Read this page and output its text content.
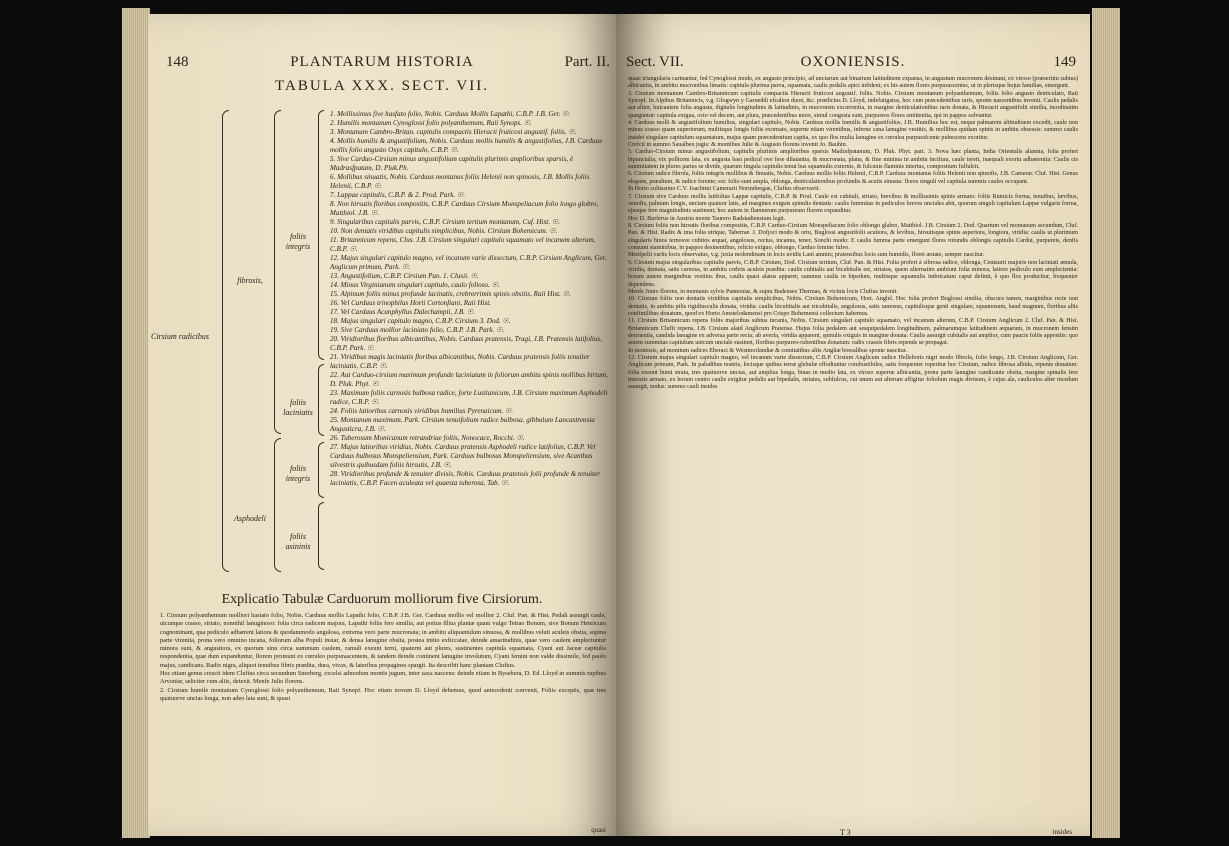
148	PLANTARUM HISTORIA	Part. II.
TABULA XXX. SECT. VII.
Cirsium radicibus
fibrosis,
Asphodeli
foliis integris
foliis laciniatis
foliis integris
foliis asininis

1. Mollissimus five hasfato folio, Nobis. Carduus Mollis Lapathi, C.B.P. J.B. Ger. ☉.

2. Humilis montanum Cynoglossi folio polyanthemum, Raii Synops. ☉.

3. Montanum Cambro-Britan. capitulis compactis Hieracii fruticosi angustif. foliis. ☉.

4. Mollis humilis & angustifolium, Nobis. Carduus mollis humilis & angustifolius, J.B. Carduus mollis folio angusto Oxys capitulo, C.B.P. ☉.

5. Sive Carduo-Cirsium minus angustifolium capitulis plurimis amplioribus sparsis, è Madrasfpatam, D. Pluk.Ph.

6. Mollibus sinuatis, Nobis. Carduus montanus foliis Helenii non spinosis, J.B. Mollis foliis Helenii, C.B.P. ☉.

7. Lappae capitulis, C.B.P. & 2. Prod. Park. ☉.

8. Non hirsutis floribus compositis, C.B.P. Carduus Cirsium Monspeliacum folio longo globro, Matthiol. J.B. ☉.

9. Singularibus capitulis parvis, C.B.P. Cirsium tertium montanum, Cuf. Hist. ☉.

10. Non dentatis viridibus capitulis simplicibus, Nobis. Cirsium Bohemicum. ☉.

11. Britannicum repens, Clus. J.B. Cirsium singulari capitulo squamato vel incanum alterum, C.B.P. ☉.

12. Majus singulari capitulo magno, vel incanum varie dissectum, C.B.P. Cirsium Anglicum, Ger. Anglicum primum, Park. ☉.

13. Angustifolium, C.B.P. Cirsium Pan. 1. Clusii. ☉.

14. Minus Virginianum singulari capitulo, caulo folioso. ☉.

15. Alpinum foliis minus profunde lacinatis, crebrerrimis spinis obsitis, Raii Hist. ☉.

16. Vel Carduus trinophilus Horti Cortonfiani, Raii Hist.

17. Vel Carduus Acanphyllus Dalechampii, J.B. ☉.

18. Majus singulari capitulo magno, C.B.P. Cirsium 3. Dod. ☉.

19. Sive Carduus mollior laciniato folio, C.B.P. J.B. Park. ☉.

20. Viridioribus floribus albicantibus, Nobis. Carduus pratensis, Tragi, J.B. Pratensis latifolius, C.B.P. Park. ☉.

21. Viridibus magis laciniatis floribus albicantibus, Nobis. Carduus pratensis foliis tenuiter laciniatis, C.B.P. ☉.

22. Aut Carduo-cirsium maximum profunde laciniatum in foliorum ambitu spinis mollibus hirtum, D. Pluk. Phyt. ☉.

23. Maximum foliis carnosis bulbosa radice, forte Lusitanicum, J.B. Cirsium maximum Asphodeli radice, C.B.P. ☉.

24. Foliis latioribus carnosis viridibus humilius Pyrenaicum. ☉.

25. Montanum maximum, Park. Cirsium tenuifolium radice bulbosa, gibbulum Lancastrensia Angusticra, J.B. ☉.

26. Tuberosum Monicanum retrandriae foliis, Nonocace, Rocchi. ☉.

27. Majus latioribus viridius, Nobis. Carduus pratensis Asphodeli radice latifolius, C.B.P. Vel Carduus bulbosus Monspeliensium, Park. Carduus bulbosus Monspeliensium, sive Acanthus silvestris quibusdam foliis hirsutis, J.B. ☉.

28. Viridioribus profunde & tenuiter divisis, Nobis. Carduus pratensis folii profunde & tenuiter laciniatis, C.B.P. Facen aculeata vel quaesta tuberosa, Tab. ☉.

Explicatio Tabulæ Carduorum molliorum five Cirsiorum.

1. Cirsium polyanthemum molliori hastato folio, Nobis. Carduus mollis Lapathi folio, C.B.P. J.B. Ger. Carduus mollis vel mollior 2. Cluf. Pan. & Hist. Pedali assurgit caule, utcunque crasso, striato, nonnihil lanuginoso: folia circa radicem majora, Lapathi foliis fere similia, aut potius illius plantæ quam vulgo Tetrao Bonum, sive Bonum Henricum cognominant, qua pediculo adhærent latiora & quodammodo angulosa, extrema vero parte mucronata; in ambitu aliquantulum sinuosa, & mollibus veluti aculeis obsita, supina parte virentia, prona vero omnino incana, foliorum alba Populi instar, & densa lanugine obsita, postea initio exficcatae, deinde amaritudinis, quae vero caulem amplectuntur minora sunt, & angustiora, ex quorum sinu circa summum caulem, ramuli exeunt terni, quaterni aut plures, sustinentes capitula squamata, Cyani aut Jaceæ capitulis respondentia, quæ dum expanduntur, florem promunt ex cœruleo purpurascentem, & tandem deinde continent lanugine involutum, Cyani femini non valde dissimile, fed paulo majus, candicans. Radix nigra, aliquot tenuibus fibris prædita, dura, vivax, & lateribus propagines spargit. Ita describit hanc plantam Clufius.

Hoc etiam genus crescit idem Clufius circa secundum Sneeberg, excelsi admodum montis jugum, inter saxa nascens: deinde etiam in Bysebera, D. Ed. Lloyd in summis rupibus Arvoniæ, seliciter cum aliis, detexit. Menfe Julio florens.

2. Cirsium humile montanum Cynoglossi folio polyanthemum, Raii Synopf. Hoc etiam novum D. Lloyd debemus, quod antecedenti convenit, Foliis exceptis, quæ tres quatuorve uncias longa, non adeo lata sunt, & quasi

quasi
Sect. VII.	OXONIENSIS.	149

quasi triangularia carinantur, fed Cynoglossi modo, ex angusto principio, ad unciarum aut binarium latitudinem expansa, in angustum mucronem desinunt, ex viroso (præsertim subtus) albicantia, in ambitu mucronibus limatis: capitula plurima parva, squamata, caulis pedalis apici infident; ex his autem flores purpurascentes, ut in plerisque hujus familiae, emergunt.

3. Cirsium montanum Cambro-Britannicum capitulis compactis Hieracii fruticosi angustif. foliis. Nobis. Cirsium montanum polyanthemum, foliis folio angusto denticulato, Raii Synopf. In Alpibus Britannicis, v.g. Glogwyn y Garneddi efcalion duon, &c. prædictus D. Lloyd, indefatigatus, hoc cum præcedentibus raris, sponte nascentibus invenit. Caulis pedalis aut altior, huicautem folia angusta, digitalis longitudinis & latitudinis, in mucronem excurrentia, in margine denticulationibus raris donata, & Hieracii angustifolii similia, inordinatim sparguntur: capitula exigua, octo vel decem, aut plura, præcedentibus more, simul congesta sunt, purpureos flores emittentia, qui in pappos solvuntur.

4. Carduus molli & angustifolium humilius, singulari capitulo, Nobis. Carduus mollis humilis & angustifolius, J.B. Humilius hoc est, neque palmarem altitudinem excedit, caule non minus crasso quam superiorum, multisque longis foliis exornato, superne etiam virentibus, inferne cana lanugine vestitis, & mollibus quidam spinis in ambitu obsessis: summo caulis insidet singulare capitulum squamatum, majus quam præcedentium capita, ex quo flos multa lanugine ex cœrulea purpurafcente pubescens exoritur.

Crefcit in summo Saualbeu jugis: & montibus Julie & Augusto florens invenit Jo. Bauhin.

5. Carduo-Cirsium minus angustifolium, capitulis plurimis amplioribus sparsis Madrafpatanum, D. Pluk. Phyt. part. 3. Nova hæc planta, India Orientalis alumna, folia profert bipunctalia, vix pollicem lata, ex angusta basi pedicul ove fese dilatantia, & mucronata, plana, & fine minima in ambitu incifura, caule tereti, inæquali exortu adhærentia: Caulis cis summitatem in plures partes se divide, quarum fingula capitulis tenui bus squamulis externis, & fulcunis flaminis interius, compositum fulfulcit.

6. Cirsium radice fibrofa, foliis integris mollibus & finuatis, Nobis. Carduus mollis foliis Helenii, C.B.P. Carduus montanus foliis Helenii non spinofis, J.B. Camerar. Cluf. Hist. Genus elegans, præaltum, & radice ferente; est: folio sunt ampla, oblonga, denticulationibus profundis & acutis sinuata: flores singuli vel capitula summis caules occupant.

In Horto cultissimo C.V. Joachimi Camerarii Norimbergae, Clufius observavit.

7. Cirsium sive Carduus mollis latifolius Lappæ capitulis, C.B.P. & Prod. Caule est cubitali, striato, brevibus & mollissimis spinis armato: foliis Rumicis forma, tenuibus, lævibus, venofis, palmum longis, unciam quatuor latis, ad margines exiguis spinulis dentatis: caulis fummitas in pediculos breves unciales abit, quorum singuli capitulum Lappæ vulgaris forma, ejusque fere magnitudinis sustinent; hoc autem in flammeum purpureum florem expanditur.

Hoc D. Burferus in Austria monte Taurero Radstadiensium legit.

8. Cirsium foliis non hirsutis floribus compositis, C.B.P. Carduo-Cirsium Monspeliacum folio oblongo glabro, Matthiol. J.B. Cirsium 2. Dod. Quartum vel montanum secundum, Cluf. Pan. & Hist. Radix & ima folia utrique, Tabernæ. J. Dofjoci modo & ortu, Buglossi angustifolii acutiora, & levibus, hirsutisque spinis asperiora, longiora, viridia: caulis ut plurimum singularis binos ternosve cubitos æquat, angulosus, rectus, incanus, tener, Sonchi modo: E caulis fumma parte emergunt flores rotundis oblongis capitulis Cardui, purpureis, denfis constant staminibus, in pappos desinentibus, relicto exiguo, oblongo, Carduo femine fulvo.

Menfpelii variis locis observatus, v.g. juxta molendinum in locis uvidis Lani ammis; pratensibus locis sum humidis, floret æstate, semper nascitur.

9. Cirsium majus singularibus capitulis parvis, C.B.P. Cirsium, Dod. Cirsium tertium, Cluf. Pan. & Hist. Folia profert à sibrosa radice, oblonga, Centaurii majoris non laciniati æmula, viridia, dentata, satis carnosa, in ambitu crebris aculeis prædita: caulis cubitalis aut bicubitalis est, striatus, quem alternatim ambiunt folia minora, latiore pediculo eum amplectentia: horum autem marginibus vestitus ibus, caulis quasi alatus apparet; summus caulis in bipedum, multisque squamulis imbricatum caput definit, è quo flos producitur, frequenter dependens.

Menfe Junio florens, in montanis sylvis Pannoniæ, & supra Badenses Thermas, & vicinis locis Clufius invenit.

10. Cirsium foliis non dentatis viridibus capitulis simplicibus, Nobis. Cirsium Bohemicum, Hort. Anglel. Hoc folia profert Buglossi similia, obscura tamen, marginibus recte non dentatis, in ambitu pilis rigidiusculis donata, viridia: caulis bicubitalis aut tricubitalis, angulosus, satis ramosus, capitulisque genti singulare, squamosum, haud magnum, floribus aliis confimilibus donatum, quod ex Horto Amstelodamensi pro Crispo Bohemensi collectum habemus.

11. Cirsium Britannicum repens foliis majoribus subtus incanis, Nobis. Cirsium singulari capitulo squamato, vel incanum alterum, C.B.P. Cirsium Anglicum 2. Cluf. Pan. & Hist. Britannicum Clufii repens, J.B. Cirsium alatd Anglicum Pratense. Hujus folia pedalem aut sesquipedalem longitudinem, palmarumque latitudinem æquarum, in mucronem fensim desinentia, candida lanugine ex adversa parte recta; ab averfa, viridia apparent, spinulis exiguis in margine donata: Caulis assurgit cubitalis aut amplior, cum paucis foliis appositis: quo autem summitas capitulum unicum unciale sustinet, floribus purpureo-rubentibus donatum: radix crassis fibris repends se propagat.

In montosis, ad montium radices Eberaci & Westmorlandiæ & comitatibus aliis Angliæ borealibus sponte nascitur.

12. Cirsium majus singulari capitulo magno, vel incanum varie dissectum, C.B.P. Cirsium Anglicum radice Helleboris nigri modo fibrofa, folio longo, J.B. Cirsium Anglicum, Ger. Anglicum primum, Park. In paludibus nostris, locisque quibus terræ glebulæ effodiuntur combustibiles, satis frequenter reperitur hoc Cirsium, radice fibrosa albida, repente donatum: folia exeunt humi strata, tres quatuorve uncias, aut amplius longa, binas in medio lata, ex viroso superne albicantia, prona parte lanugine candicante obsita, margine spinulis fere innoxiis armato, ex horum centro caulis exigitur pedalis aut bipedalis, striatus, subfulcus, cui unum aut alterum affigitur foliolum magis divisum, è cujus ala, cauliculos alter incedum assurgit, nodus: summo cauli insides

T 3	insides
